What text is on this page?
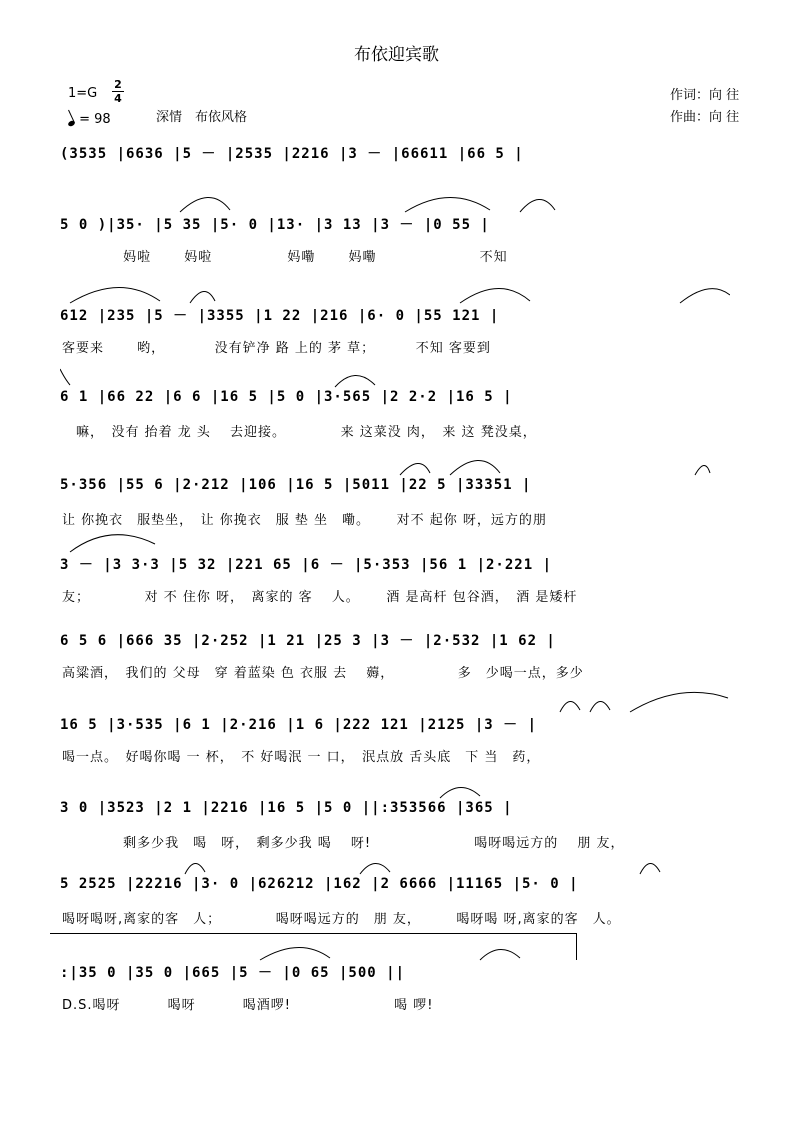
布依迎宾歌
1=G
2
4
= 98	深情　布依风格
作词：向 往
作曲：向 往
(3535 |6636 |5 － |2535 |2216 |3 － |66611 |66 5 |
5 0 )|35· |5 35 |5· 0 |13· |3 13 |3 － |0 55 |
　　　　 妈啦　　 妈啦　　　　　 妈嘞　　 妈嘞　　　　　　　 不知
612 |235 |5 － |3355 |1 22 |216 |6· 0 |55 121 |
客要来　　 哟，　　　　没有铲净 路 上的 茅 草；　　　 不知 客要到
6 1 |66 22 |6 6 |16 5 |5 0 |3·565 |2 2·2 |16 5 |
　嘛，　没有 抬着 龙 头　 去迎接。　　　　 来 这菜没 肉，　来 这 凳没桌，
5·356 |55 6 |2·212 |106 |16 5 |5011 |22 5 |33351 |
让 你挽衣　服垫坐，　让 你挽衣　服 垫 坐　嘞。　　 对不 起你 呀，远方的朋
3 － |3 3·3 |5 32 |221 65 |6 － |5·353 |56 1 |2·221 |
友；　　　　 对 不 住你 呀，　离家的 客　 人。　　 酒 是高杆 包谷酒，　酒 是矮杆
6 5 6 |666 35 |2·252 |1 21 |25 3 |3 － |2·532 |1 62 |
高粱酒，　我们的 父母　穿 着蓝染 色 衣服 去　 薅，　　　　　多　少喝一点，多少
16 5 |3·535 |6 1 |2·216 |1 6 |222 121 |2125 |3 － |
喝一点。　好喝你喝 一 杯，　不 好喝泯 一 口，　泯点放 舌头底　下 当　药，
3 0 |3523 |2 1 |2216 |16 5 |5 0 ||:353566 |365 |
　　　　 剩多少我　喝　呀，　剩多少我 喝　 呀!　　　　　　　 喝呀喝远方的　 朋 友，
5 2525 |22216 |3· 0 |626212 |162 |2 6666 |11165 |5· 0 |
喝呀喝呀,离家的客　人；　　　　 喝呀喝远方的　朋 友，　　　喝呀喝 呀,离家的客　人。
:|35 0 |35 0 |665 |5 － |0 65 |500 ||
D.S.喝呀　　　 喝呀　　　 喝酒啰!　　　　　　　 喝 啰!
